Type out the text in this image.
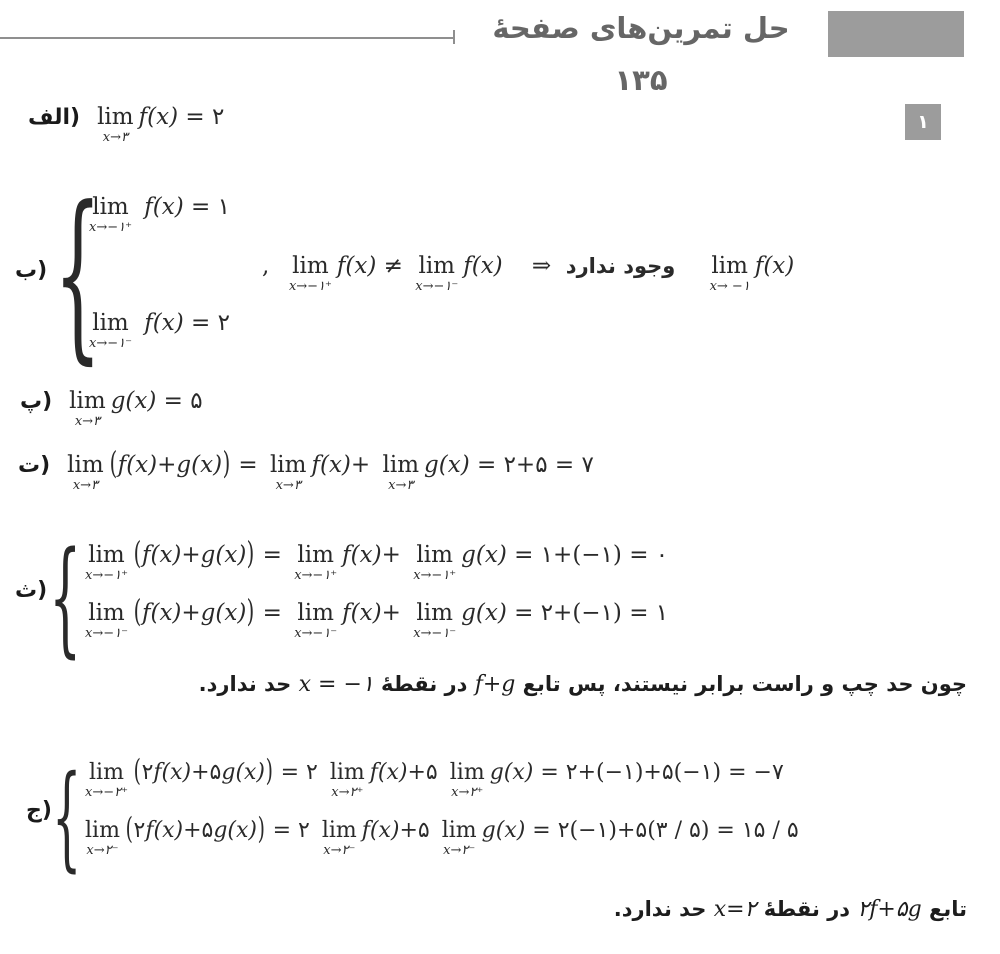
حل تمرین‌های صفحهٔ ۱۳۵
۱
الف) lim
x→۳
f(x) = ۲
ب) {
lim
x→−۱⁺
f(x) = ۱
lim
x→−۱⁻
f(x) = ۲
, lim
x→−۱⁺
f(x) ≠ lim
x→−۱⁻
f(x) ⇒ وجود ندارد
lim
x→ −۱
f(x)
پ) lim
x→۳
g(x) = ۵
ت) lim
x→۳
( f(x) + g(x) ) = lim
x→۳
f(x) + lim
x→۳
g(x) = ۲+۵ = ۷
ث) { lim
x→−۱⁺
( f(x) + g(x) ) = lim
x→−۱⁺
f(x) + lim
x→−۱⁺
g(x) = ۱+(−۱) = ۰
lim
x→−۱⁻
( f(x) + g(x) ) = lim
x→−۱⁻
f(x) + lim
x→−۱⁻
g(x) = ۲+(−۱) = ۱
چون حد چپ و راست برابر نیستند، پس تابع f+g در نقطهٔ x = −۱ حد ندارد.
ج) { lim
x→−۲⁺
( ۲ f(x) +۵ g(x) ) = ۲ lim
x→۲⁺
f(x) +۵ lim
x→۲⁺
g(x) = ۲+(−۱)+۵(−۱) = −۷
lim
x→۲⁻
( ۲ f(x) +۵ g(x) ) = ۲ lim
x→۲⁻
f(x) +۵ lim
x→۲⁻
g(x) = ۲(−۱)+۵(۳ / ۵) = ۱۵ / ۵
تابع ۲f+۵g در نقطهٔ x=۲ حد ندارد.
